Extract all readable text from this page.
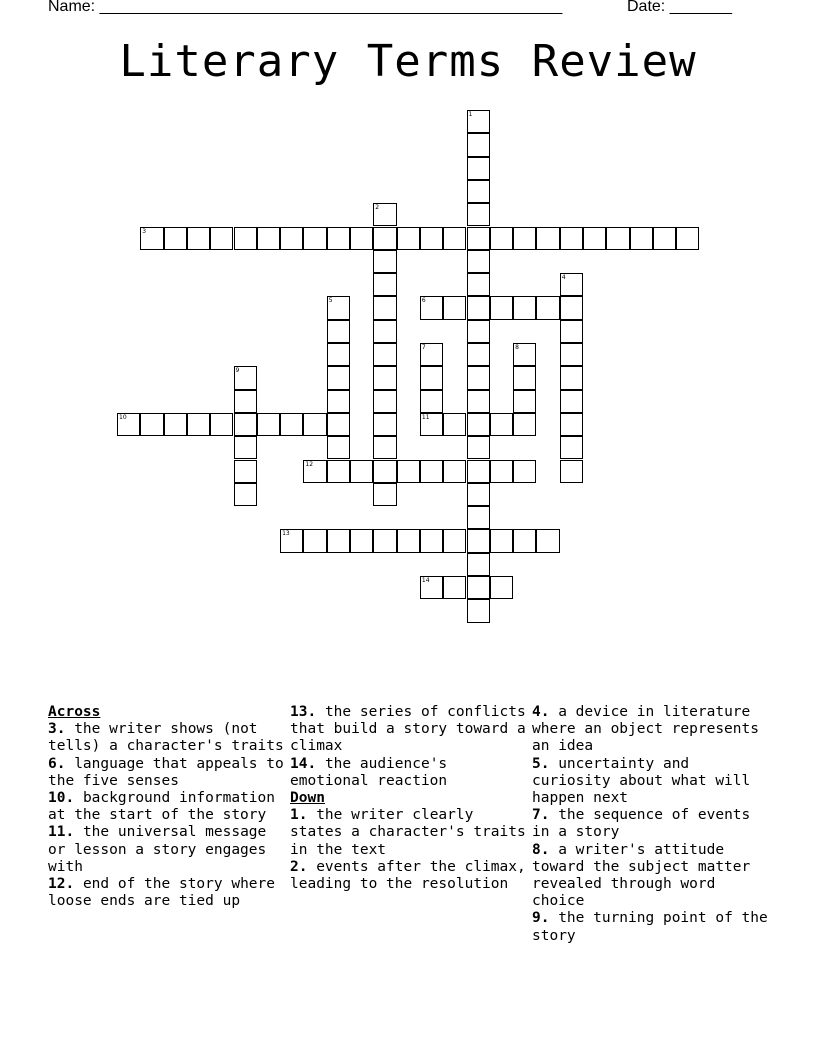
Name: ____________________________________________________	Date: _______
Literary Terms Review
1
2
3
4
5	6
7
11
8
9
10
12
13
14
Across
3. the writer shows (not tells) a character's traits
6. language that appeals to the five senses
10. background information at the start of the story
11. the universal message or lesson a story engages with
12. end of the story where loose ends are tied up
13. the series of conflicts that build a story toward a climax
14. the audience's emotional reaction
Down
1. the writer clearly states a character's traits in the text
2. events after the climax, leading to the resolution
4. a device in literature where an object represents an idea
5. uncertainty and curiosity about what will happen next
7. the sequence of events in a story
8. a writer's attitude toward the subject matter revealed through word choice
9. the turning point of the story
